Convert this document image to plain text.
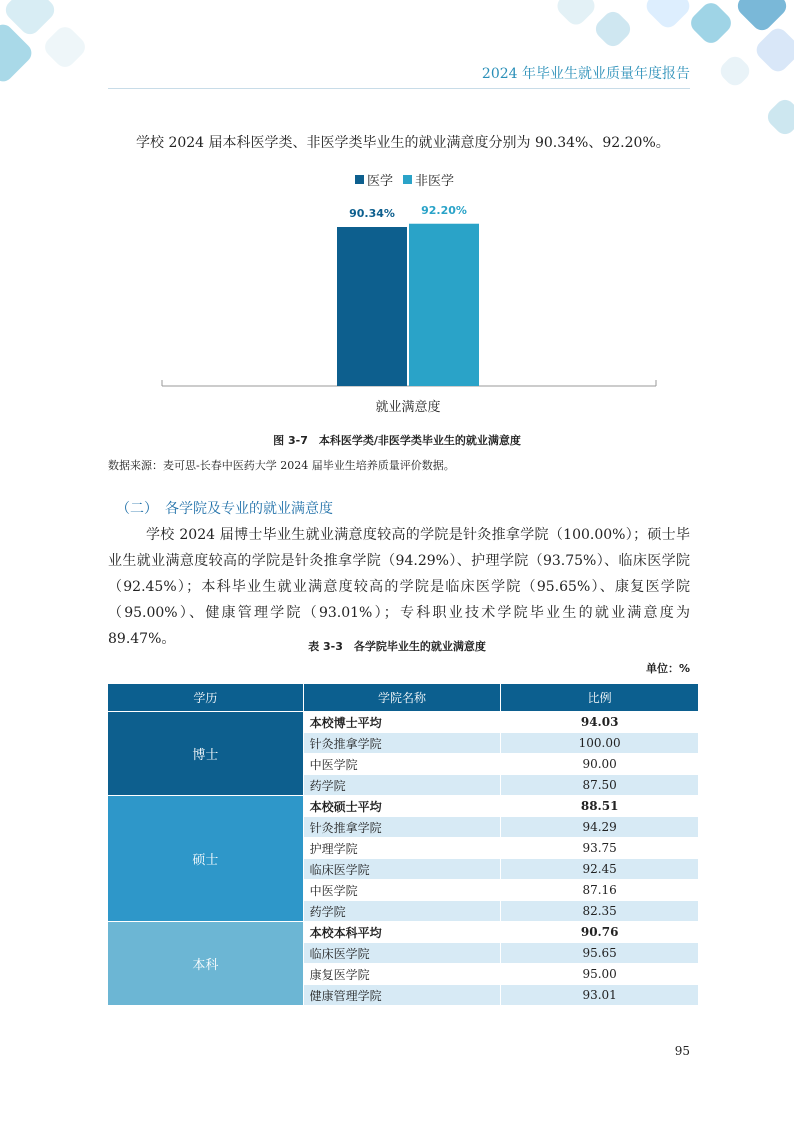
2024 年毕业生就业质量年度报告
学校 2024 届本科医学类、非医学类毕业生的就业满意度分别为 90.34%、92.20%。
医学 非医学
90.34%	92.20%
就业满意度
图 3-7　本科医学类/非医学类毕业生的就业满意度
数据来源：麦可思-长春中医药大学 2024 届毕业生培养质量评价数据。
（二）　各学院及专业的就业满意度
学校 2024 届博士毕业生就业满意度较高的学院是针灸推拿学院（100.00%）；硕士毕业生就业满意度较高的学院是针灸推拿学院（94.29%）、护理学院（93.75%）、临床医学院（92.45%）；本科毕业生就业满意度较高的学院是临床医学院（95.65%）、康复医学院（95.00%）、健康管理学院（93.01%）；专科职业技术学院毕业生的就业满意度为 89.47%。	表 3-3　各学院毕业生的就业满意度
单位：%
学历	学院名称	比例
博士	本校博士平均	94.03
	针灸推拿学院	100.00
	中医学院	90.00
	药学院	87.50
硕士	本校硕士平均	88.51
	针灸推拿学院	94.29
	护理学院	93.75
	临床医学院	92.45
	中医学院	87.16
	药学院	82.35
本科	本校本科平均	90.76
	临床医学院	95.65
	康复医学院	95.00
	健康管理学院	93.01
95
